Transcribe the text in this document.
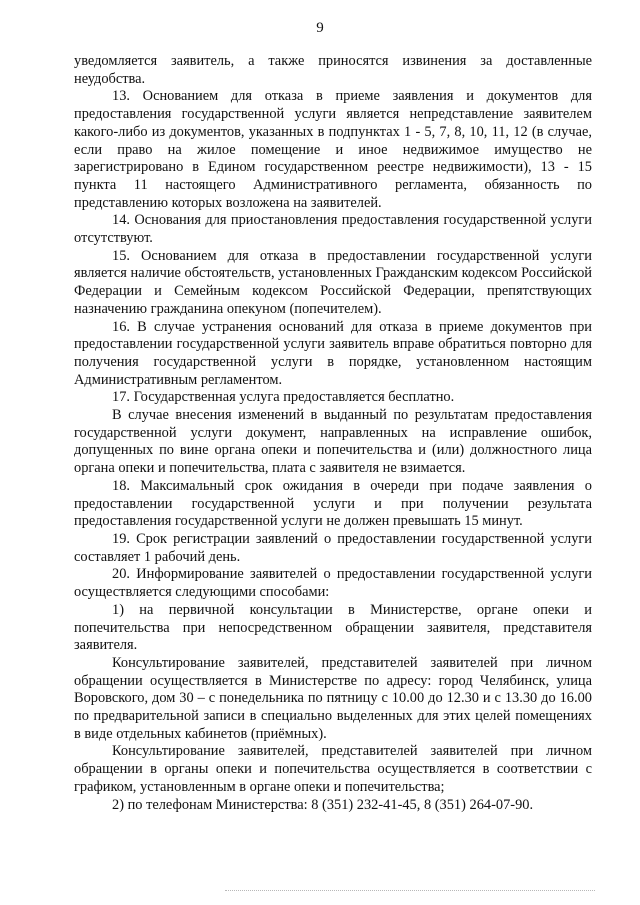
9

уведомляется заявитель, а также приносятся извинения за доставленные неудобства.

13. Основанием для отказа в приеме заявления и документов для предоставления государственной услуги является непредставление заявителем какого-либо из документов, указанных в подпунктах 1 - 5, 7, 8, 10, 11, 12 (в случае, если право на жилое помещение и иное недвижимое имущество не зарегистрировано в Едином государственном реестре недвижимости), 13 - 15 пункта 11 настоящего Административного регламента, обязанность по представлению которых возложена на заявителей.

14. Основания для приостановления предоставления государственной услуги отсутствуют.

15. Основанием для отказа в предоставлении государственной услуги является наличие обстоятельств, установленных Гражданским кодексом Российской Федерации и Семейным кодексом Российской Федерации, препятствующих назначению гражданина опекуном (попечителем).

16. В случае устранения оснований для отказа в приеме документов при предоставлении государственной услуги заявитель вправе обратиться повторно для получения государственной услуги в порядке, установленном настоящим Административным регламентом.

17. Государственная услуга предоставляется бесплатно.

В случае внесения изменений в выданный по результатам предоставления государственной услуги документ, направленных на исправление ошибок, допущенных по вине органа опеки и попечительства и (или) должностного лица органа опеки и попечительства, плата с заявителя не взимается.

18. Максимальный срок ожидания в очереди при подаче заявления о предоставлении государственной услуги и при получении результата предоставления государственной услуги не должен превышать 15 минут.

19. Срок регистрации заявлений о предоставлении государственной услуги составляет 1 рабочий день.

20. Информирование заявителей о предоставлении государственной услуги осуществляется следующими способами:

1) на первичной консультации в Министерстве, органе опеки и попечительства при непосредственном обращении заявителя, представителя заявителя.

Консультирование заявителей, представителей заявителей при личном обращении осуществляется в Министерстве по адресу: город Челябинск, улица Воровского, дом 30 – с понедельника по пятницу с 10.00 до 12.30 и с 13.30 до 16.00 по предварительной записи в специально выделенных для этих целей помещениях в виде отдельных кабинетов (приёмных).

Консультирование заявителей, представителей заявителей при личном обращении в органы опеки и попечительства осуществляется в соответствии с графиком, установленным в органе опеки и попечительства;

2) по телефонам Министерства: 8 (351) 232-41-45, 8 (351) 264-07-90.
